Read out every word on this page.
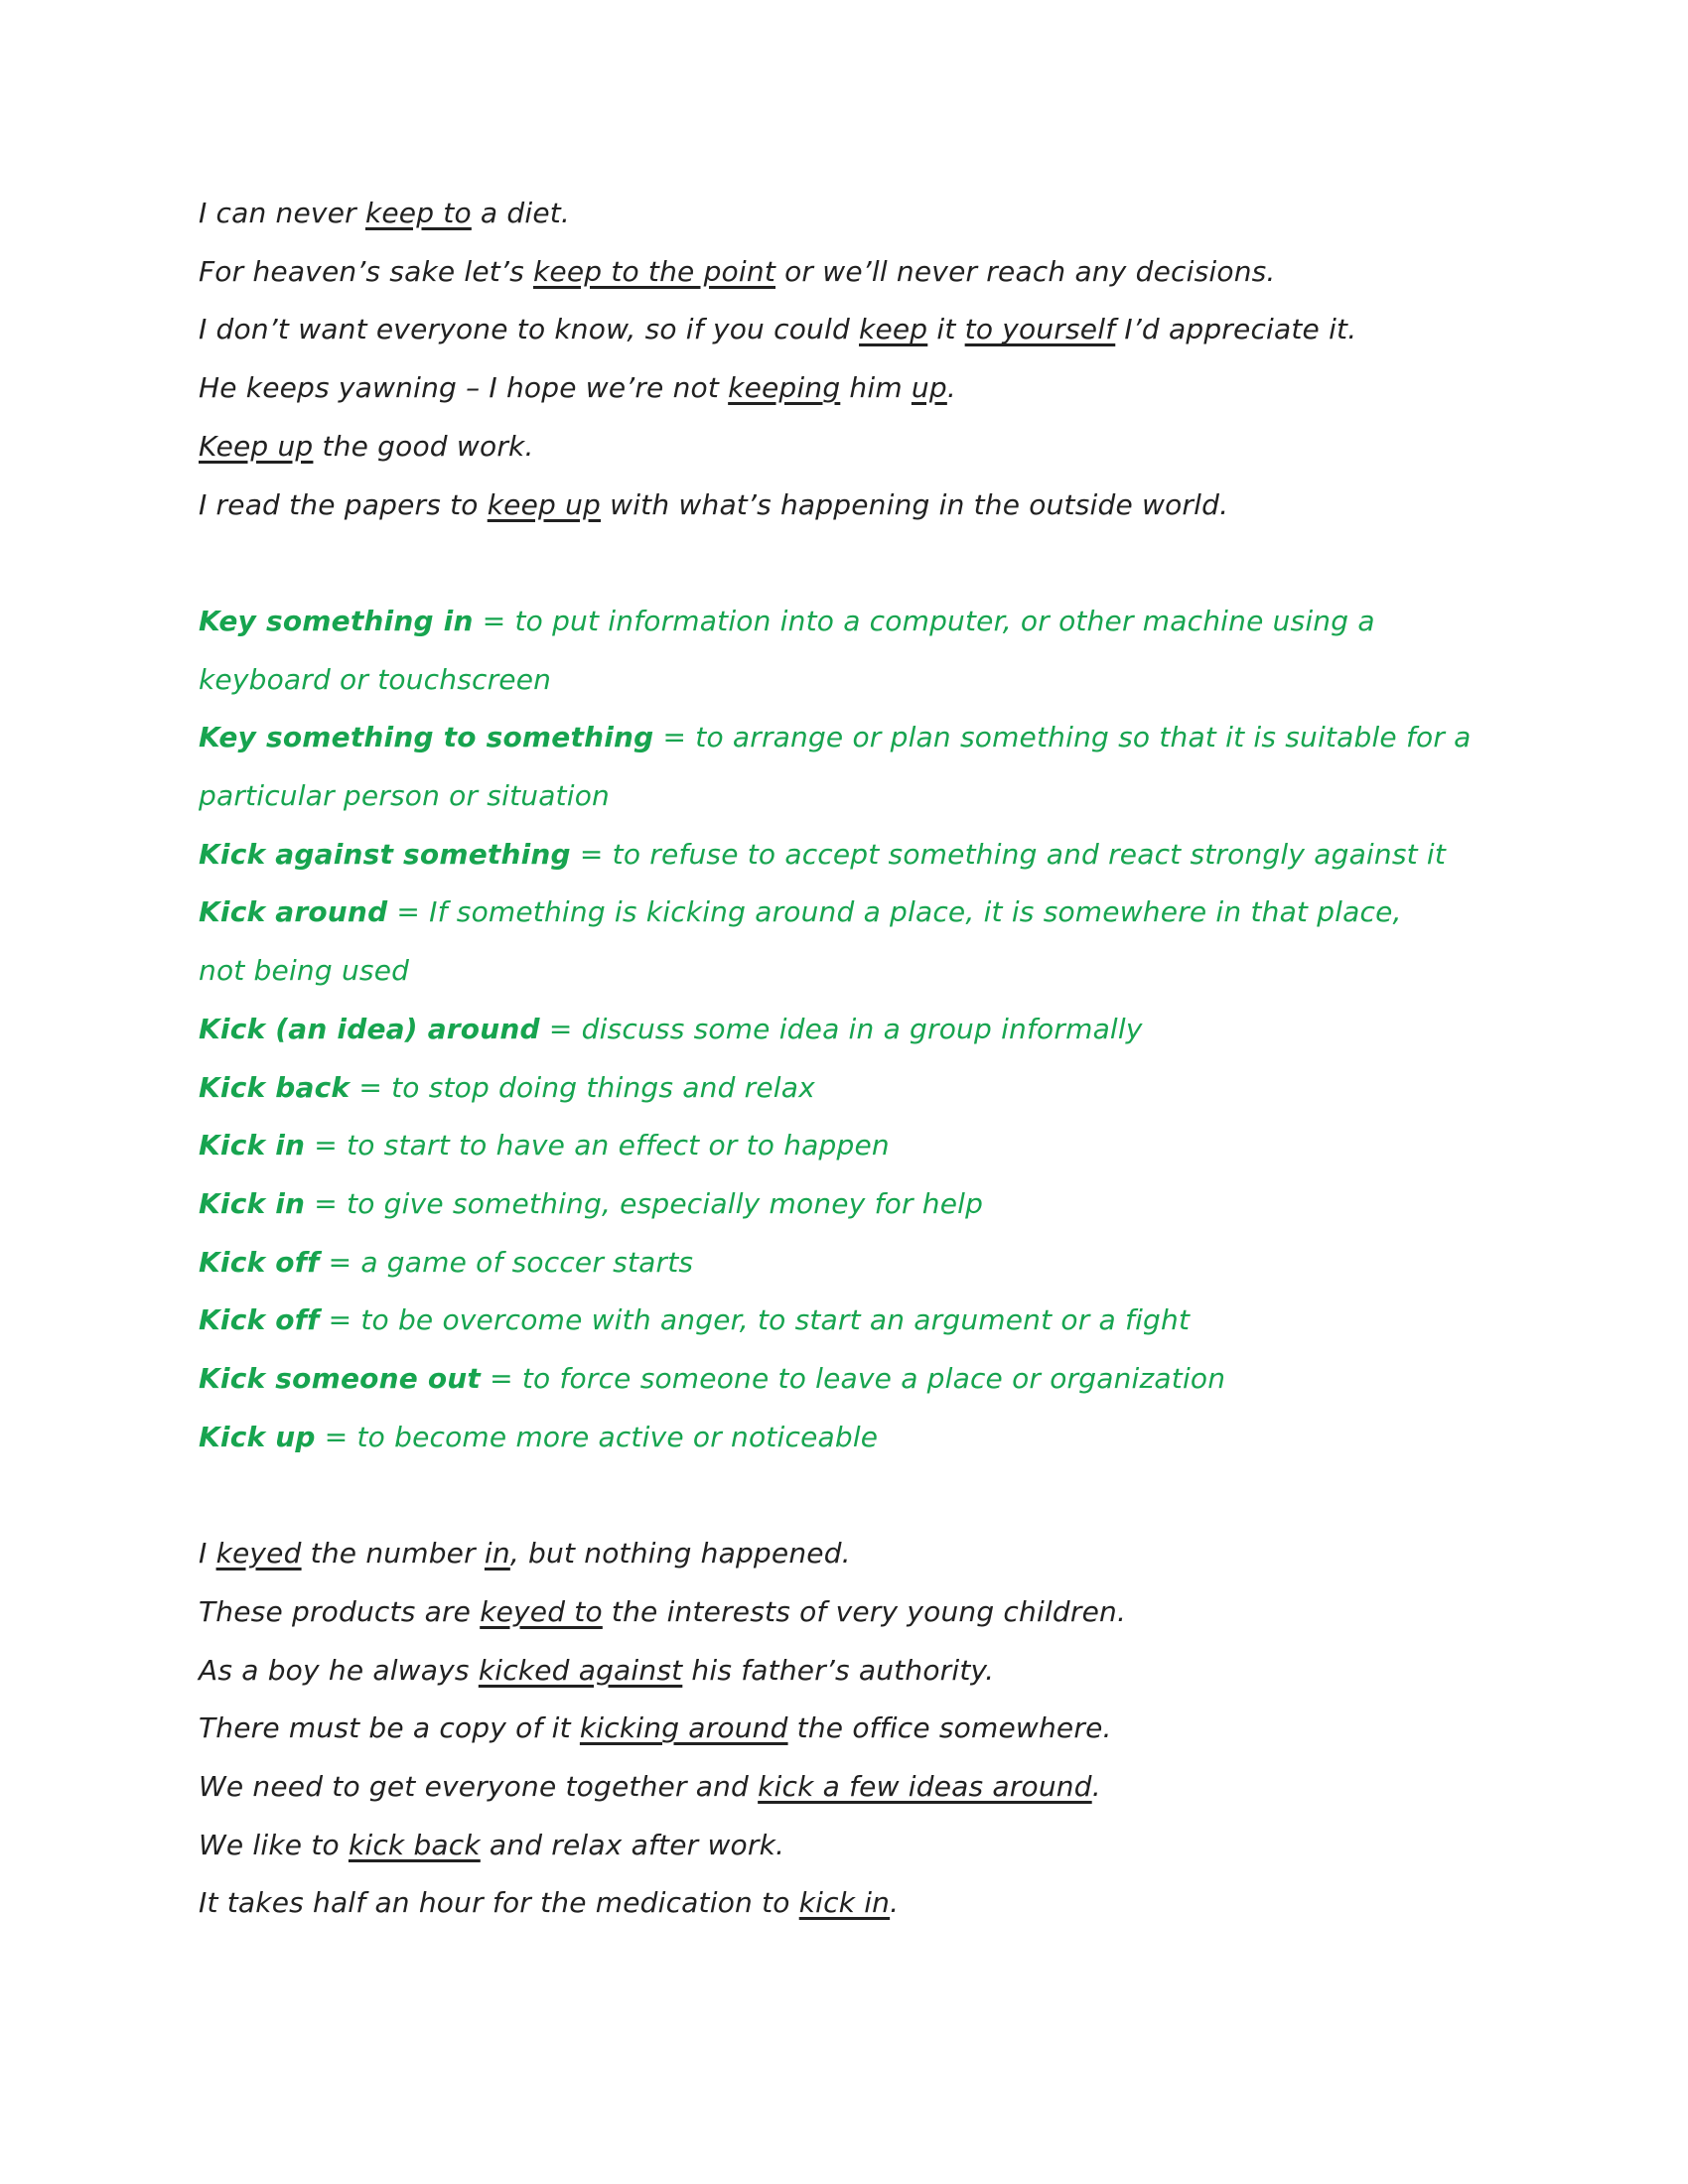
I can never keep to a diet.

For heaven’s sake let’s keep to the point or we’ll never reach any decisions.

I don’t want everyone to know, so if you could keep it to yourself I’d appreciate it.

He keeps yawning – I hope we’re not keeping him up.

Keep up the good work.

I read the papers to keep up with what’s happening in the outside world.

Key something in = to put information into a computer, or other machine using a

keyboard or touchscreen

Key something to something = to arrange or plan something so that it is suitable for a

particular person or situation

Kick against something = to refuse to accept something and react strongly against it

Kick around = If something is kicking around a place, it is somewhere in that place,

not being used

Kick (an idea) around = discuss some idea in a group informally

Kick back = to stop doing things and relax

Kick in = to start to have an effect or to happen

Kick in = to give something, especially money for help

Kick off = a game of soccer starts

Kick off = to be overcome with anger, to start an argument or a fight

Kick someone out = to force someone to leave a place or organization

Kick up = to become more active or noticeable

I keyed the number in, but nothing happened.

These products are keyed to the interests of very young children.

As a boy he always kicked against his father’s authority.

There must be a copy of it kicking around the office somewhere.

We need to get everyone together and kick a few ideas around.

We like to kick back and relax after work.

It takes half an hour for the medication to kick in.
